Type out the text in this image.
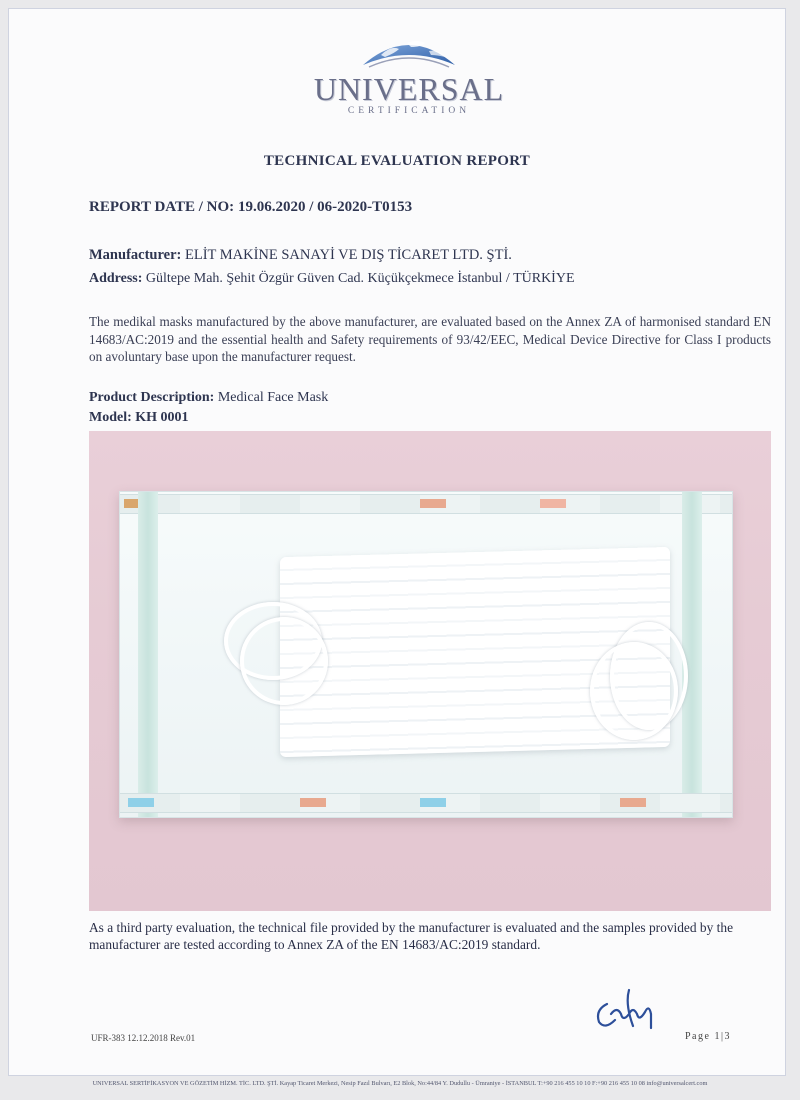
UNIVERSAL
CERTIFICATION
TECHNICAL EVALUATION REPORT
REPORT DATE / NO: 19.06.2020 / 06-2020-T0153
Manufacturer: ELİT MAKİNE SANAYİ VE DIŞ TİCARET LTD. ŞTİ.
Address: Gültepe Mah. Şehit Özgür Güven Cad. Küçükçekmece İstanbul / TÜRKİYE
The medikal masks manufactured by the above manufacturer, are evaluated based on the Annex ZA of harmonised standard EN 14683/AC:2019 and the essential health and Safety requirements of 93/42/EEC, Medical Device Directive for Class I products on avoluntary base upon the manufacturer request.
Product Description: Medical Face Mask
Model: KH 0001
As a third party evaluation, the technical file provided by the manufacturer is evaluated and the samples provided by the manufacturer are tested according to Annex ZA of the EN 14683/AC:2019 standard.
UFR-383 12.12.2018 Rev.01	Page 1|3
UNIVERSAL SERTİFİKASYON VE GÖZETİM HİZM. TİC. LTD. ŞTİ. Kayap Ticaret Merkezi, Nesip Fazıl Bulvarı, E2 Blok, No:44/84 Y. Dudullu - Ümraniye - İSTANBUL T:+90 216 455 10 10 F:+90 216 455 10 08 info@universalcert.com
